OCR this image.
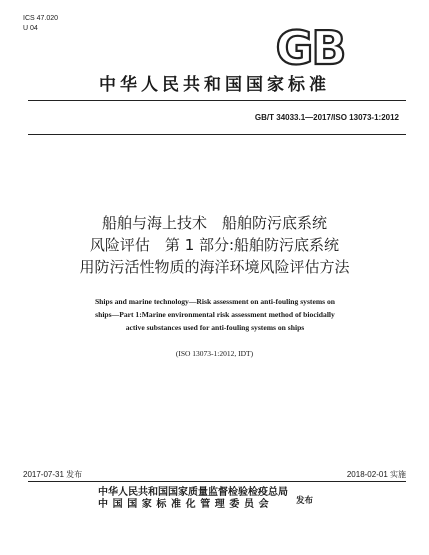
ICS 47.020
U 04	GB
中华人民共和国国家标准
GB/T 34033.1—2017/ISO 13073-1:2012
船舶与海上技术　船舶防污底系统
风险评估　第 1 部分:船舶防污底系统
用防污活性物质的海洋环境风险评估方法
Ships and marine technology—Risk assessment on anti-fouling systems on
ships—Part 1:Marine environmental risk assessment method of biocidally
active substances used for anti-fouling systems on ships
(ISO 13073-1:2012, IDT)
2017-07-31 发布	2018-02-01 实施
中华人民共和国国家质量监督检验检疫总局
中国国家标准化管理委员会	发布
